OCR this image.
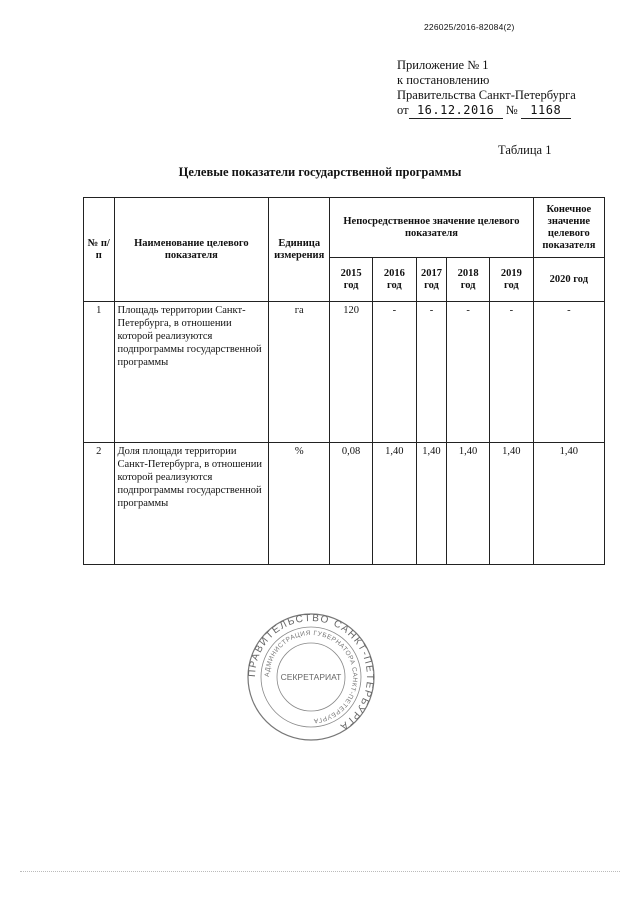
226025/2016-82084(2)
Приложение № 1
к постановлению
Правительства Санкт-Петербурга
от 16.12.2016 № 1168
Таблица 1
Целевые показатели государственной программы
№ п/п	Наименование целевого показателя	Единица измерения	Непосредственное значение целевого показателя					Конечное значение целевого показателя
			2015 год	2016 год	2017 год	2018 год	2019 год	2020 год
1	Площадь территории Санкт-Петербурга, в отношении которой реализуются подпрограммы государственной программы	га	120	-	-	-	-	-
2	Доля площади территории Санкт-Петербурга, в отношении которой реализуются подпрограммы государственной программы	%	0,08	1,40	1,40	1,40	1,40	1,40
ПРАВИТЕЛЬСТВО САНКТ-ПЕТЕРБУРГА
АДМИНИСТРАЦИЯ ГУБЕРНАТОРА САНКТ-ПЕТЕРБУРГА
СЕКРЕТАРИАТ
